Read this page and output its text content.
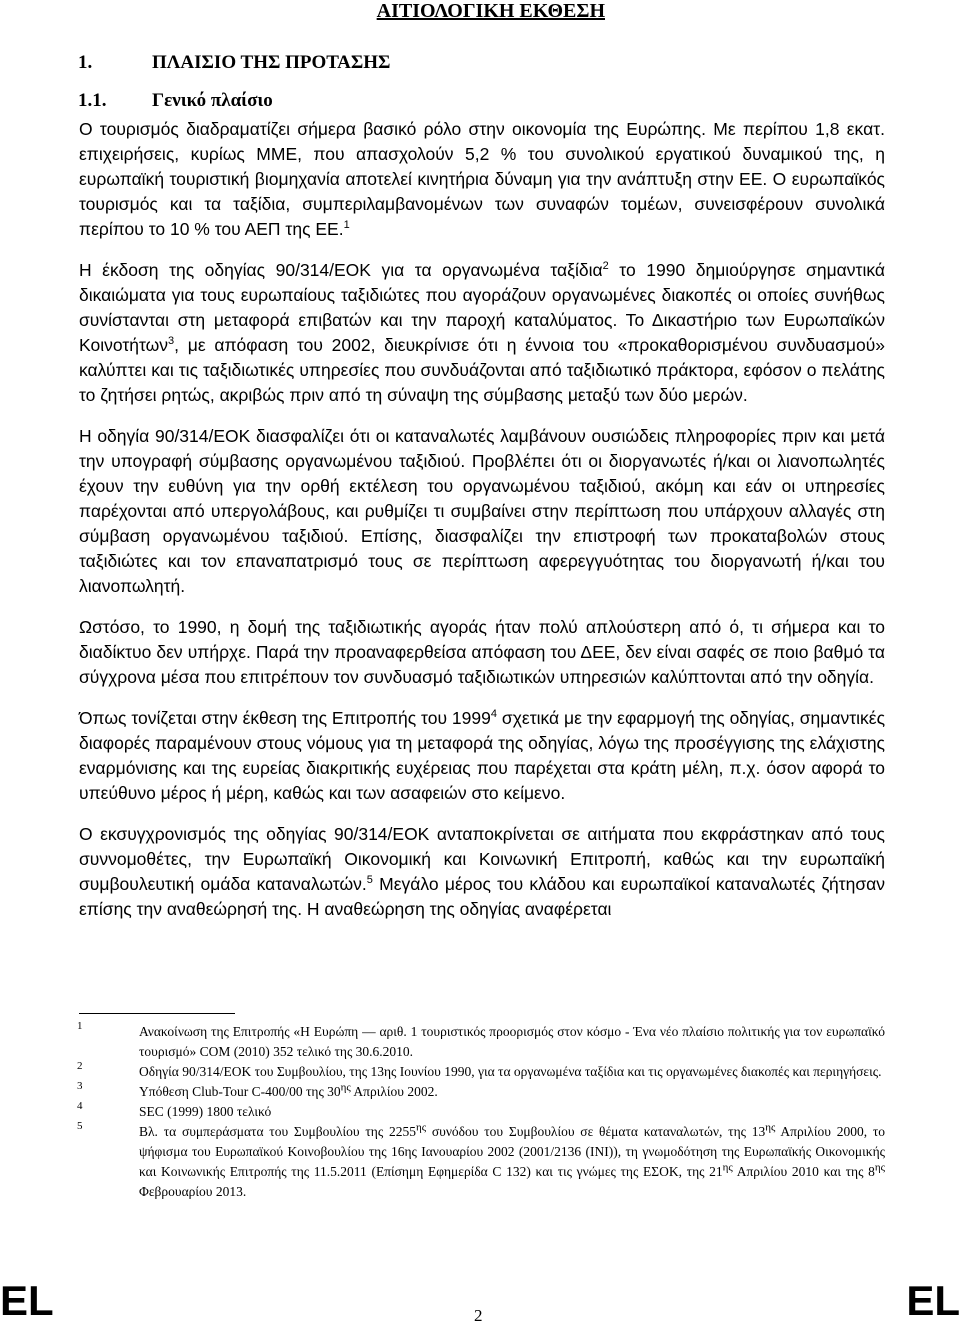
ΑΙΤΙΟΛΟΓΙΚΗ ΕΚΘΕΣΗ
1.	ΠΛΑΙΣΙΟ ΤΗΣ ΠΡΟΤΑΣΗΣ
1.1. Γενικό πλαίσιο

Ο τουρισμός διαδραματίζει σήμερα βασικό ρόλο στην οικονομία της Ευρώπης. Με περίπου 1,8 εκατ. επιχειρήσεις, κυρίως ΜΜΕ, που απασχολούν 5,2 % του συνολικού εργατικού δυναμικού της, η ευρωπαϊκή τουριστική βιομηχανία αποτελεί κινητήρια δύναμη για την ανάπτυξη στην ΕΕ. Ο ευρωπαϊκός τουρισμός και τα ταξίδια, συμπεριλαμβανομένων των συναφών τομέων, συνεισφέρουν συνολικά περίπου το 10 % του ΑΕΠ της ΕΕ.$^1$

Η έκδοση της οδηγίας 90/314/ΕΟΚ για τα οργανωμένα ταξίδια$^2$ το 1990 δημιούργησε σημαντικά δικαιώματα για τους ευρωπαίους ταξιδιώτες που αγοράζουν οργανωμένες διακοπές οι οποίες συνήθως συνίστανται στη μεταφορά επιβατών και την παροχή καταλύματος. Το Δικαστήριο των Ευρωπαϊκών Κοινοτήτων$^3$, με απόφαση του 2002, διευκρίνισε ότι η έννοια του «προκαθορισμένου συνδυασμού» καλύπτει και τις ταξιδιωτικές υπηρεσίες που συνδυάζονται από ταξιδιωτικό πράκτορα, εφόσον ο πελάτης το ζητήσει ρητώς, ακριβώς πριν από τη σύναψη της σύμβασης μεταξύ των δύο μερών.

Η οδηγία 90/314/ΕΟΚ διασφαλίζει ότι οι καταναλωτές λαμβάνουν ουσιώδεις πληροφορίες πριν και μετά την υπογραφή σύμβασης οργανωμένου ταξιδιού. Προβλέπει ότι οι διοργανωτές ή/και οι λιανοπωλητές έχουν την ευθύνη για την ορθή εκτέλεση του οργανωμένου ταξιδιού, ακόμη και εάν οι υπηρεσίες παρέχονται από υπεργολάβους, και ρυθμίζει τι συμβαίνει στην περίπτωση που υπάρχουν αλλαγές στη σύμβαση οργανωμένου ταξιδιού. Επίσης, διασφαλίζει την επιστροφή των προκαταβολών στους ταξιδιώτες και τον επαναπατρισμό τους σε περίπτωση αφερεγγυότητας του διοργανωτή ή/και του λιανοπωλητή.

Ωστόσο, το 1990, η δομή της ταξιδιωτικής αγοράς ήταν πολύ απλούστερη από ό, τι σήμερα και το διαδίκτυο δεν υπήρχε. Παρά την προαναφερθείσα απόφαση του ΔΕΕ, δεν είναι σαφές σε ποιο βαθμό τα σύγχρονα μέσα που επιτρέπουν τον συνδυασμό ταξιδιωτικών υπηρεσιών καλύπτονται από την οδηγία.

Όπως τονίζεται στην έκθεση της Επιτροπής του 1999$^4$ σχετικά με την εφαρμογή της οδηγίας, σημαντικές διαφορές παραμένουν στους νόμους για τη μεταφορά της οδηγίας, λόγω της προσέγγισης της ελάχιστης εναρμόνισης και της ευρείας διακριτικής ευχέρειας που παρέχεται στα κράτη μέλη, π.χ. όσον αφορά το υπεύθυνο μέρος ή μέρη, καθώς και των ασαφειών στο κείμενο.

Ο εκσυγχρονισμός της οδηγίας 90/314/ΕΟΚ ανταποκρίνεται σε αιτήματα που εκφράστηκαν από τους συννομοθέτες, την Ευρωπαϊκή Οικονομική και Κοινωνική Επιτροπή, καθώς και την ευρωπαϊκή συμβουλευτική ομάδα καταναλωτών.$^5$ Μεγάλο μέρος του κλάδου και ευρωπαϊκοί καταναλωτές ζήτησαν επίσης την αναθεώρησή της. Η αναθεώρηση της οδηγίας αναφέρεται

1	Ανακοίνωση της Επιτροπής «Η Ευρώπη — αριθ. 1 τουριστικός προορισμός στον κόσμο - Ένα νέο πλαίσιο πολιτικής για τον ευρωπαϊκό τουρισμό» COM (2010) 352 τελικό της 30.6.2010.

2	Οδηγία 90/314/ΕΟΚ του Συμβουλίου, της 13ης Ιουνίου 1990, για τα οργανωμένα ταξίδια και τις οργανωμένες διακοπές και περιηγήσεις.

3	Υπόθεση Club-Tour C-400/00 της $30^{\eta\varsigma}$ Απριλίου 2002.

4	SEC (1999) 1800 τελικό

5	Βλ. τα συμπεράσματα του Συμβουλίου της $2255^{\eta\varsigma}$ συνόδου του Συμβουλίου σε θέματα καταναλωτών, της $13^{\eta\varsigma}$ Απριλίου 2000, το ψήφισμα του Ευρωπαϊκού Κοινοβουλίου της 16ης Ιανουαρίου 2002 (2001/2136 (INI)), τη γνωμοδότηση της Ευρωπαϊκής Οικονομικής και Κοινωνικής Επιτροπής της 11.5.2011 (Επίσημη Εφημερίδα C 132) και τις γνώμες της ΕΣΟΚ, της $21^{\eta\varsigma}$ Απριλίου 2010 και της $8^{\eta\varsigma}$ Φεβρουαρίου 2013.

EL	2	EL
